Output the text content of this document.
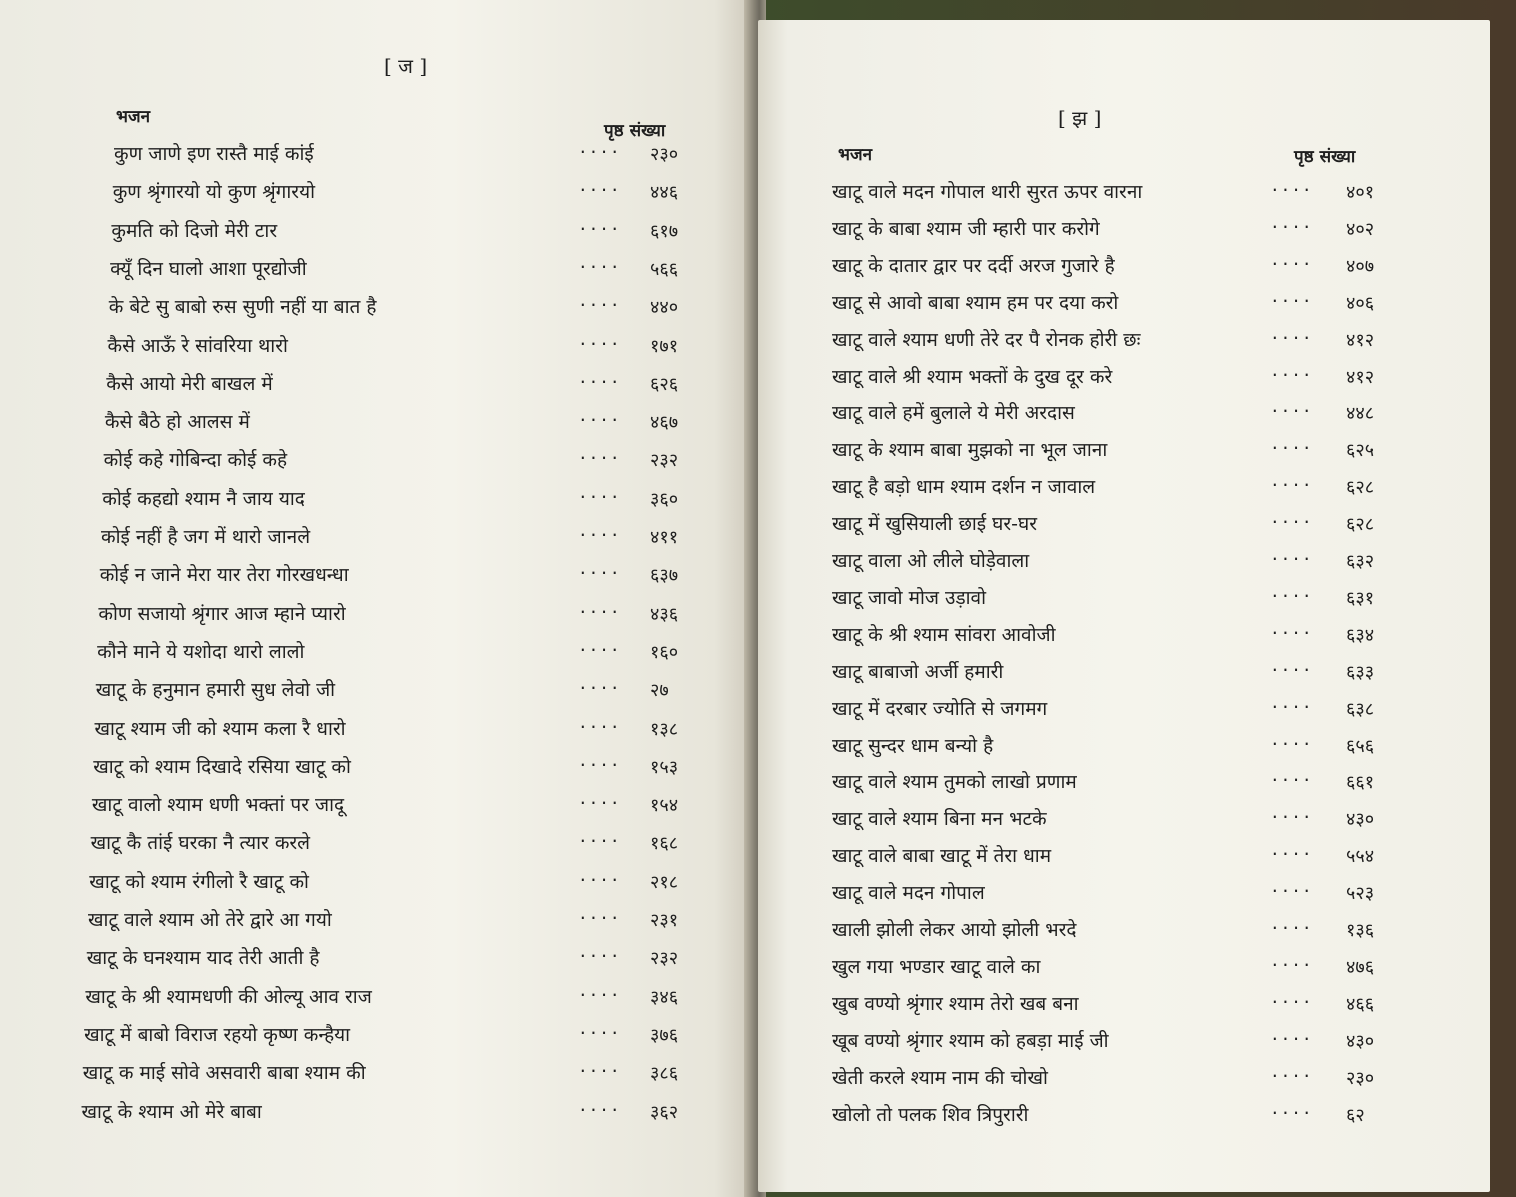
[ ज ]
भजन
पृष्ठ संख्या
कुण जाणे इण रास्तै माई कांई	.... २३०
कुण श्रृंगारयो यो कुण श्रृंगारयो	.... ४४६
कुमति को दिजो मेरी टार	.... ६१७
क्यूँ दिन घालो आशा पूरद्योजी	.... ५६६
के बेटे सु बाबो रुस सुणी नहीं या बात है	.... ४४०
कैसे आऊँ रे सांवरिया थारो	.... १७१
कैसे आयो मेरी बाखल में	.... ६२६
कैसे बैठे हो आलस में	.... ४६७
कोई कहे गोबिन्दा कोई कहे	.... २३२
कोई कहद्यो श्याम नै जाय याद	.... ३६०
कोई नहीं है जग में थारो जानले	.... ४११
कोई न जाने मेरा यार तेरा गोरखधन्धा	.... ६३७
कोण सजायो श्रृंगार आज म्हाने प्यारो	.... ४३६
कौने माने ये यशोदा थारो लालो	.... १६०
खाटू के हनुमान हमारी सुध लेवो जी	.... २७
खाटू श्याम जी को श्याम कला रै धारो	.... १३८
खाटू को श्याम दिखादे रसिया खाटू को	.... १५३
खाटू वालो श्याम धणी भक्तां पर जादू	.... १५४
खाटू कै तांई घरका नै त्यार करले	.... १६८
खाटू को श्याम रंगीलो रै खाटू को	.... २१८
खाटू वाले श्याम ओ तेरे द्वारे आ गयो	.... २३१
खाटू के घनश्याम याद तेरी आती है	.... २३२
खाटू के श्री श्यामधणी की ओल्यू आव राज	.... ३४६
खाटू में बाबो विराज रहयो कृष्ण कन्हैया	.... ३७६
खाटू क माई सोवे असवारी बाबा श्याम की	.... ३८६
खाटू के श्याम ओ मेरे बाबा	.... ३६२
[ झ ]
भजन	पृष्ठ संख्या
खाटू वाले मदन गोपाल थारी सुरत ऊपर वारना	.... ४०१
खाटू के बाबा श्याम जी म्हारी पार करोगे	.... ४०२
खाटू के दातार द्वार पर दर्दी अरज गुजारे है	.... ४०७
खाटू से आवो बाबा श्याम हम पर दया करो	.... ४०६
खाटू वाले श्याम धणी तेरे दर पै रोनक होरी छः	.... ४१२
खाटू वाले श्री श्याम भक्तों के दुख दूर करे	.... ४१२
खाटू वाले हमें बुलाले ये मेरी अरदास	.... ४४८
खाटू के श्याम बाबा मुझको ना भूल जाना	.... ६२५
खाटू है बड़ो धाम श्याम दर्शन न जावाल	.... ६२८
खाटू में खुसियाली छाई घर-घर	.... ६२८
खाटू वाला ओ लीले घोड़ेवाला	.... ६३२
खाटू जावो मोज उड़ावो	.... ६३१
खाटू के श्री श्याम सांवरा आवोजी	.... ६३४
खाटू बाबाजो अर्जी हमारी	.... ६३३
खाटू में दरबार ज्योति से जगमग	.... ६३८
खाटू सुन्दर धाम बन्यो है	.... ६५६
खाटू वाले श्याम तुमको लाखो प्रणाम	.... ६६१
खाटू वाले श्याम बिना मन भटके	.... ४३०
खाटू वाले बाबा खाटू में तेरा धाम	.... ५५४
खाटू वाले मदन गोपाल	.... ५२३
खाली झोली लेकर आयो झोली भरदे	.... १३६
खुल गया भण्डार खाटू वाले का	.... ४७६
खुब वण्यो श्रृंगार श्याम तेरो खब बना	.... ४६६
खूब वण्यो श्रृंगार श्याम को हबड़ा माई जी	.... ४३०
खेती करले श्याम नाम की चोखो	.... २३०
खोलो तो पलक शिव त्रिपुरारी	.... ६२
